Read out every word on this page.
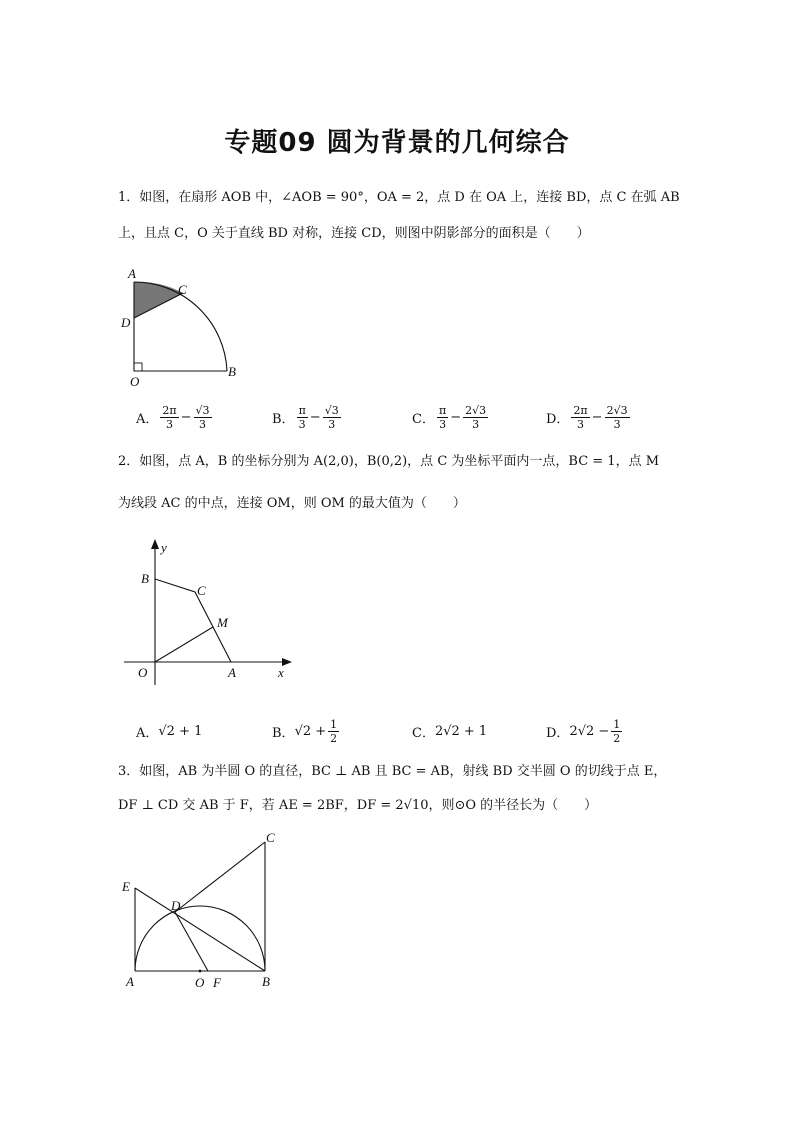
专题09 圆为背景的几何综合
1．如图，在扇形 AOB 中，∠AOB = 90°，OA = 2，点 D 在 OA 上，连接 BD，点 C 在弧 AB
上，且点 C，O 关于直线 BD 对称，连接 CD，则图中阴影部分的面积是（　　）
A
C
D
O
B
A． $\frac{2\pi}{3} - \frac{√3}{3}$	B． $\frac{\pi}{3} - \frac{√3}{3}$	C． $\frac{\pi}{3} - \frac{2√3}{3}$	D． $\frac{2\pi}{3} - \frac{2√3}{3}$
2．如图，点 A，B 的坐标分别为 A(2,0)，B(0,2)，点 C 为坐标平面内一点，BC = 1，点 M
为线段 AC 的中点，连接 OM，则 OM 的最大值为（　　）
y
B
C
M
O	A	x
A． √2 + 1	B． $√2 + \frac{1}{2}$	C． 2√2 + 1	D． $2√2 - \frac{1}{2}$
3．如图，AB 为半圆 O 的直径，BC ⊥ AB 且 BC = AB，射线 BD 交半圆 O 的切线于点 E，
DF ⊥ CD 交 AB 于 F，若 AE = 2BF，DF = 2√10，则⊙O 的半径长为（　　）
C
E
D
A	O F	B
